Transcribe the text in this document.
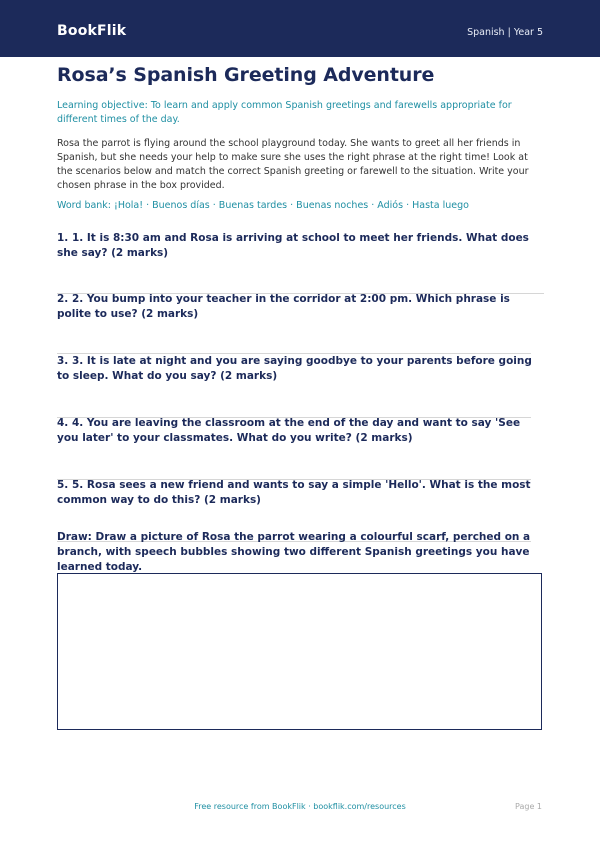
BookFlik	Spanish | Year 5
Rosa’s Spanish Greeting Adventure

Learning objective: To learn and apply common Spanish greetings and farewells appropriate for different times of the day.

Rosa the parrot is flying around the school playground today. She wants to greet all her friends in Spanish, but she needs your help to make sure she uses the right phrase at the right time! Look at the scenarios below and match the correct Spanish greeting or farewell to the situation. Write your chosen phrase in the box provided.

Word bank: ¡Hola! · Buenos días · Buenas tardes · Buenas noches · Adiós · Hasta luego

1. 1. It is 8:30 am and Rosa is arriving at school to meet her friends. What does she say? (2 marks)

2. 2. You bump into your teacher in the corridor at 2:00 pm. Which phrase is polite to use? (2 marks)

3. 3. It is late at night and you are saying goodbye to your parents before going to sleep. What do you say? (2 marks)

4. 4. You are leaving the classroom at the end of the day and want to say 'See you later' to your classmates. What do you write? (2 marks)

5. 5. Rosa sees a new friend and wants to say a simple 'Hello'. What is the most common way to do this? (2 marks)

Draw: Draw a picture of Rosa the parrot wearing a colourful scarf, perched on a branch, with speech bubbles showing two different Spanish greetings you have learned today.

Free resource from BookFlik · bookflik.com/resources	Page 1
